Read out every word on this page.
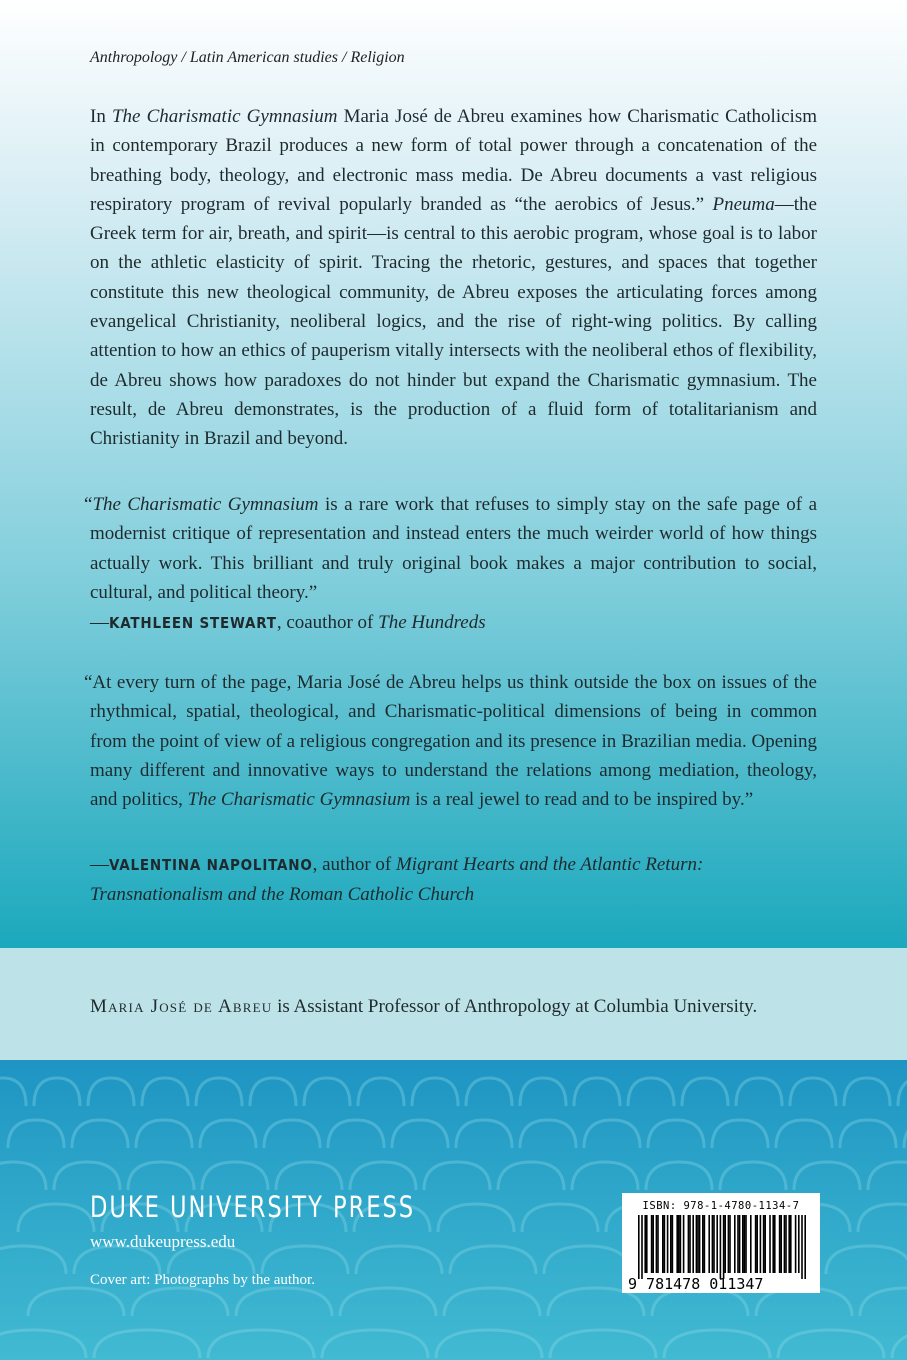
Anthropology / Latin American studies / Religion

In The Charismatic Gymnasium Maria José de Abreu examines how Charismatic Catholicism in contemporary Brazil produces a new form of total power through a concatenation of the breathing body, theology, and electronic mass media. De Abreu documents a vast religious respiratory program of revival popularly branded as “the aerobics of Jesus.” Pneuma—the Greek term for air, breath, and spirit—is central to this aerobic program, whose goal is to labor on the athletic elasticity of spirit. Tracing the rhetoric, gestures, and spaces that together constitute this new theological community, de Abreu exposes the articulating forces among evangelical Christianity, neoliberal logics, and the rise of right-wing politics. By calling attention to how an ethics of pauperism vitally intersects with the neoliberal ethos of flexibility, de Abreu shows how paradoxes do not hinder but expand the Charismatic gymnasium. The result, de Abreu demonstrates, is the production of a fluid form of totalitarianism and Christianity in Brazil and beyond.

“The Charismatic Gymnasium is a rare work that refuses to simply stay on the safe page of a modernist critique of representation and instead enters the much weirder world of how things actually work. This brilliant and truly original book makes a major contribution to social, cultural, and political theory.”

—KATHLEEN STEWART, coauthor of The Hundreds

“At every turn of the page, Maria José de Abreu helps us think outside the box on issues of the rhythmical, spatial, theological, and Charismatic-political dimensions of being in common from the point of view of a religious congregation and its presence in Brazilian media. Opening many different and innovative ways to understand the relations among mediation, theology, and politics, The Charismatic Gymnasium is a real jewel to read and to be inspired by.”

—VALENTINA NAPOLITANO, author of Migrant Hearts and the Atlantic Return: Transnationalism and the Roman Catholic Church

Maria José de Abreu is Assistant Professor of Anthropology at Columbia University.

DUKE UNIVERSITY PRESS
www.dukeupress.edu
Cover art: Photographs by the author.
ISBN: 978-1-4780-1134-7
9 781478 011347
